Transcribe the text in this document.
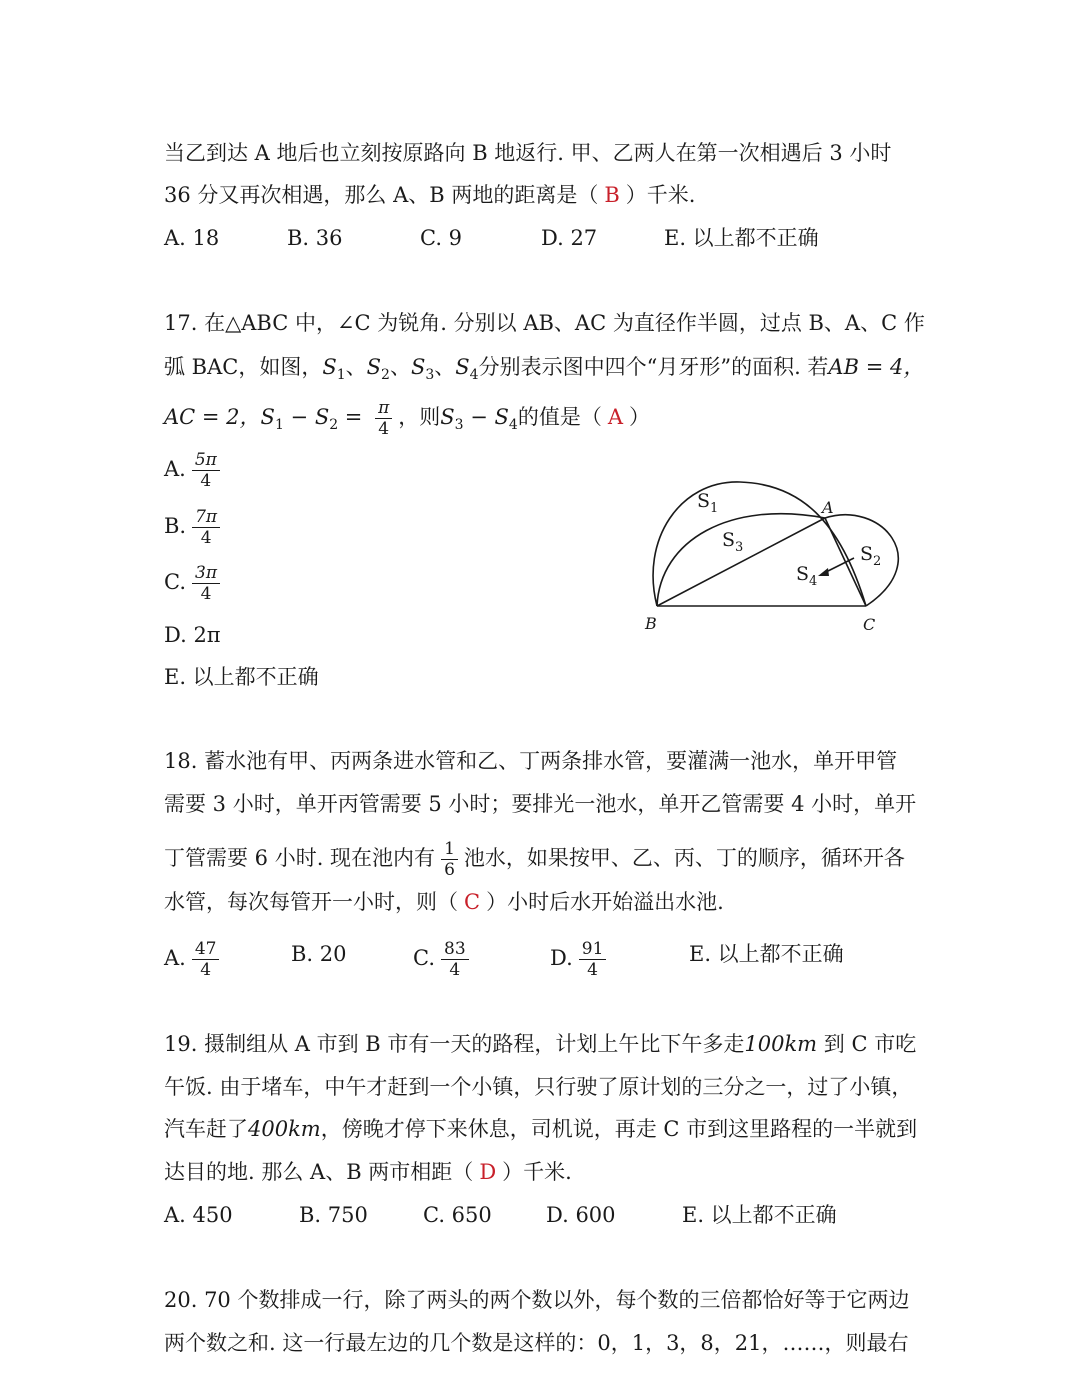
当乙到达 A 地后也立刻按原路向 B 地返行. 甲、乙两人在第一次相遇后 3 小时
36 分又再次相遇，那么 A、B 两地的距离是（ B ）千米.
A. 18	B. 36	C. 9	D. 27	E. 以上都不正确
17. 在△ABC 中，∠C 为锐角. 分别以 AB、AC 为直径作半圆，过点 B、A、C 作
弧 BAC，如图，$S_1$、$S_2$、$S_3$、$S_4$分别表示图中四个“月牙形”的面积. 若AB = 4，
AC = 2，$S_1 - S_2 = \frac{\pi}{4}$ ，则$S_3 - S_4$的值是（ A ）
A. $\frac{5\pi}{4}$
B. $\frac{7\pi}{4}$
C. $\frac{3\pi}{4}$
D. 2π
E. 以上都不正确
$S_1$
$S_3$	$S_2$
$S_4$
A
B	C
18. 蓄水池有甲、丙两条进水管和乙、丁两条排水管，要灌满一池水，单开甲管
需要 3 小时，单开丙管需要 5 小时；要排光一池水，单开乙管需要 4 小时，单开
丁管需要 6 小时. 现在池内有 $\frac{1}{6}$ 池水，如果按甲、乙、丙、丁的顺序，循环开各
水管，每次每管开一小时，则（ C ）小时后水开始溢出水池.
A. $\frac{47}{4}$	B. 20	C. $\frac{83}{4}$	D. $\frac{91}{4}$	E. 以上都不正确
19. 摄制组从 A 市到 B 市有一天的路程，计划上午比下午多走100km 到 C 市吃
午饭. 由于堵车，中午才赶到一个小镇，只行驶了原计划的三分之一，过了小镇，
汽车赶了400km，傍晚才停下来休息，司机说，再走 C 市到这里路程的一半就到
达目的地. 那么 A、B 两市相距（ D ）千米.
A. 450	B. 750	C. 650	D. 600	E. 以上都不正确
20. 70 个数排成一行，除了两头的两个数以外，每个数的三倍都恰好等于它两边
两个数之和. 这一行最左边的几个数是这样的：0，1，3，8，21，……，则最右
